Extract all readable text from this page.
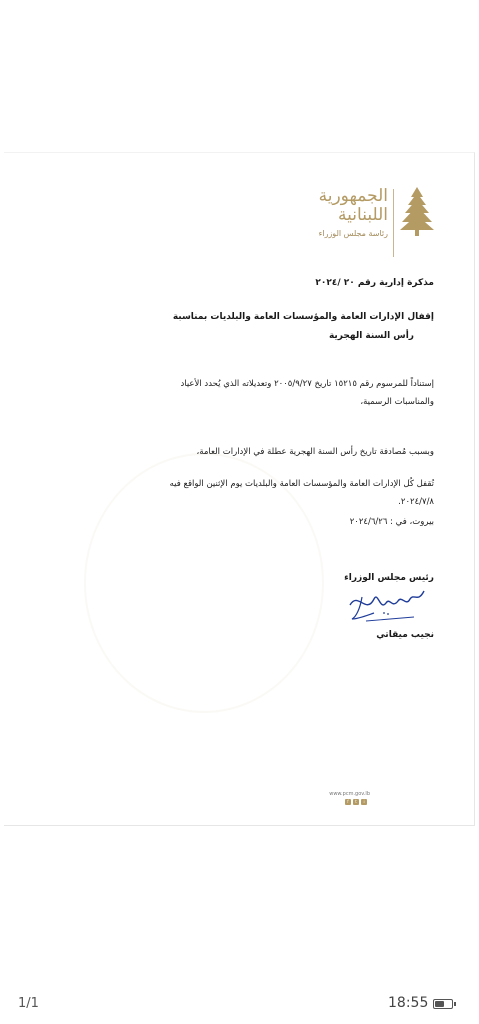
الجمهورية
اللبنانية
رئاسة مجلس الوزراء
مذكرة إدارية رقم ٢٠ /٢٠٢٤
إقفال الإدارات العامة والمؤسسات العامة والبلديات بمناسبة
رأس السنة الهجرية
إستناداً للمرسوم رقم ١٥٢١٥ تاريخ ٢٠٠٥/٩/٢٧ وتعديلاته الذي يُحدد الأعياد
والمناسبات الرسمية،
وبسبب مُصادفة تاريخ رأس السنة الهجرية عطلة في الإدارات العامة،
تُقفل كُل الإدارات العامة والمؤسسات العامة والبلديات يوم الإثنين الواقع فيه
٢٠٢٤/٧/٨.
بيروت، في : ٢٠٢٤/٦/٢٦
رئيس مجلس الوزراء
نجيب ميقاتي
www.pcm.gov.lb
f	t	i
1/1	18:55
